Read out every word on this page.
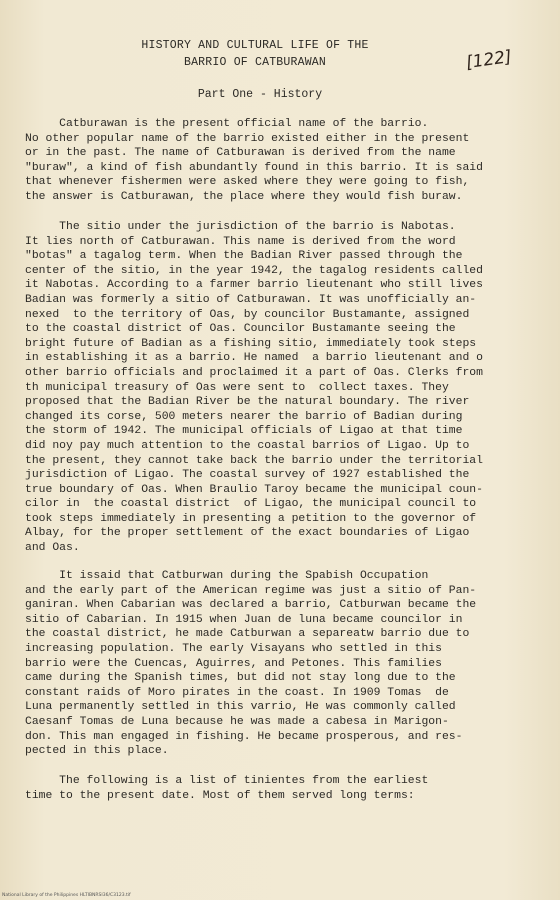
HISTORY AND CULTURAL LIFE OF THE
BARRIO OF CATBURAWAN	[122]
Part One - History
Catburawan is the present official name of the barrio.
No other popular name of the barrio existed either in the present
or in the past. The name of Catburawan is derived from the name
"buraw", a kind of fish abundantly found in this barrio. It is said
that whenever fishermen were asked where they were going to fish,
the answer is Catburawan, the place where they would fish buraw.
The sitio under the jurisdiction of the barrio is Nabotas.
It lies north of Catburawan. This name is derived from the word
"botas" a tagalog term. When the Badian River passed through the
center of the sitio, in the year 1942, the tagalog residents called
it Nabotas. According to a farmer barrio lieutenant who still lives
Badian was formerly a sitio of Catburawan. It was unofficially an-
nexed  to the territory of Oas, by councilor Bustamante, assigned
to the coastal district of Oas. Councilor Bustamante seeing the
bright future of Badian as a fishing sitio, immediately took steps
in establishing it as a barrio. He named  a barrio lieutenant and o
other barrio officials and proclaimed it a part of Oas. Clerks from
th municipal treasury of Oas were sent to  collect taxes. They
proposed that the Badian River be the natural boundary. The river
changed its corse, 500 meters nearer the barrio of Badian during
the storm of 1942. The municipal officials of Ligao at that time
did noy pay much attention to the coastal barrios of Ligao. Up to
the present, they cannot take back the barrio under the territorial
jurisdiction of Ligao. The coastal survey of 1927 established the
true boundary of Oas. When Braulio Taroy became the municipal coun-
cilor in  the coastal district  of Ligao, the municipal council to
took steps immediately in presenting a petition to the governor of
Albay, for the proper settlement of the exact boundaries of Ligao
and Oas.
It issaid that Catburwan during the Spabish Occupation
and the early part of the American regime was just a sitio of Pan-
ganiran. When Cabarian was declared a barrio, Catburwan became the
sitio of Cabarian. In 1915 when Juan de luna became councilor in
the coastal district, he made Catburwan a separeatw barrio due to
increasing population. The early Visayans who settled in this
barrio were the Cuencas, Aguirres, and Petones. This families
came during the Spanish times, but did not stay long due to the
constant raids of Moro pirates in the coast. In 1909 Tomas  de
Luna permanently settled in this varrio, He was commonly called
Caesanf Tomas de Luna because he was made a cabesa in Marigon-
don. This man engaged in fishing. He became prosperous, and res-
pected in this place.
The following is a list of tinientes from the earliest
time to the present date. Most of them served long terms:
National Library of the Philippines HLTIBNRSI36/C3123.tif
